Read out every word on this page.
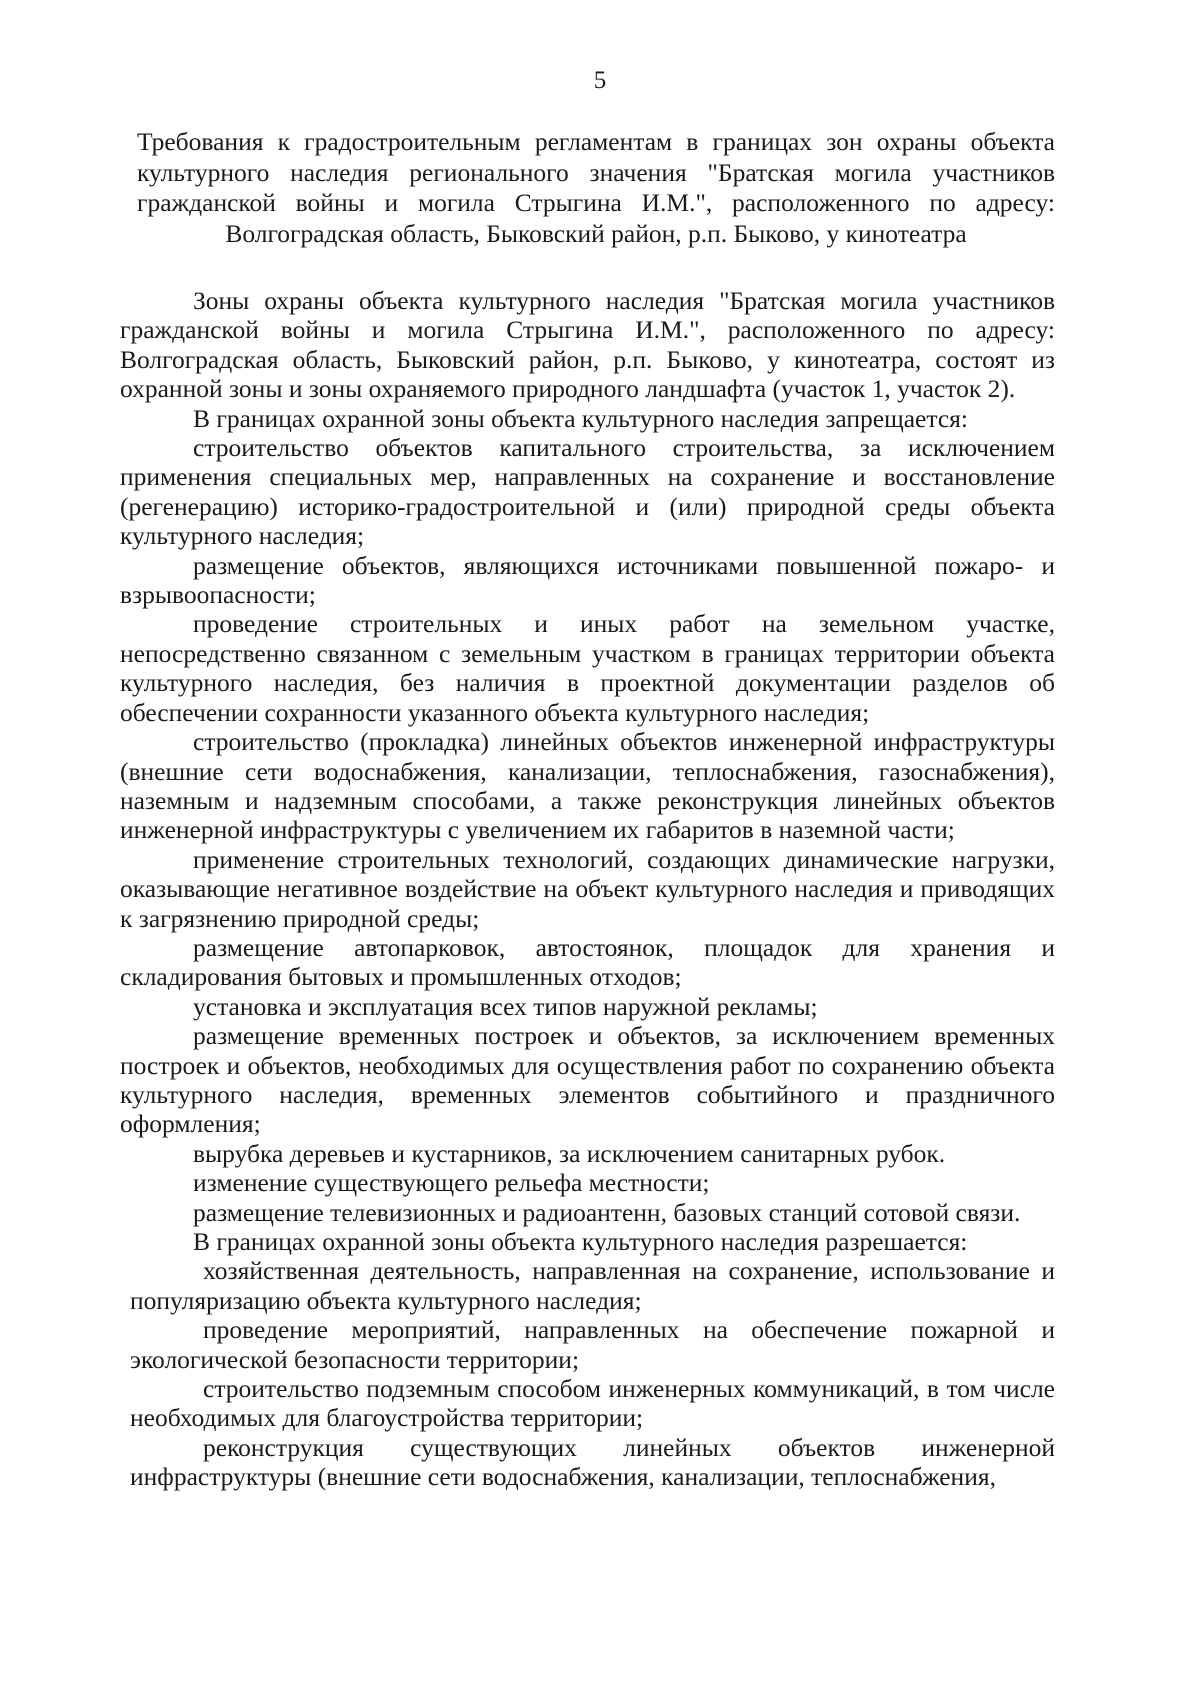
5
Требования к градостроительным регламентам в границах зон охраны объекта культурного наследия регионального значения "Братская могила участников гражданской войны и могила Стрыгина И.М.", расположенного по адресу: Волгоградская область, Быковский район, р.п. Быково, у кинотеатра

Зоны охраны объекта культурного наследия "Братская могила участников гражданской войны и могила Стрыгина И.М.", расположенного по адресу: Волгоградская область, Быковский район, р.п. Быково, у кинотеатра, состоят из охранной зоны и зоны охраняемого природного ландшафта (участок 1, участок 2).

В границах охранной зоны объекта культурного наследия запрещается:

строительство объектов капитального строительства, за исключением применения специальных мер, направленных на сохранение и восстановление (регенерацию) историко-градостроительной и (или) природной среды объекта культурного наследия;

размещение объектов, являющихся источниками повышенной пожаро- и взрывоопасности;

проведение строительных и иных работ на земельном участке, непосредственно связанном с земельным участком в границах территории объекта культурного наследия, без наличия в проектной документации разделов об обеспечении сохранности указанного объекта культурного наследия;

строительство (прокладка) линейных объектов инженерной инфраструктуры (внешние сети водоснабжения, канализации, теплоснабжения, газоснабжения), наземным и надземным способами, а также реконструкция линейных объектов инженерной инфраструктуры с увеличением их габаритов в наземной части;

применение строительных технологий, создающих динамические нагрузки, оказывающие негативное воздействие на объект культурного наследия и приводящих к загрязнению природной среды;

размещение автопарковок, автостоянок, площадок для хранения и складирования бытовых и промышленных отходов;

установка и эксплуатация всех типов наружной рекламы;

размещение временных построек и объектов, за исключением временных построек и объектов, необходимых для осуществления работ по сохранению объекта культурного наследия, временных элементов событийного и праздничного оформления;

вырубка деревьев и кустарников, за исключением санитарных рубок.

изменение существующего рельефа местности;

размещение телевизионных и радиоантенн, базовых станций сотовой связи.

В границах охранной зоны объекта культурного наследия разрешается:

хозяйственная деятельность, направленная на сохранение, использование и популяризацию объекта культурного наследия;

проведение мероприятий, направленных на обеспечение пожарной и экологической безопасности территории;

строительство подземным способом инженерных коммуникаций, в том числе необходимых для благоустройства территории;

реконструкция существующих линейных объектов инженерной инфраструктуры (внешние сети водоснабжения, канализации, теплоснабжения,
